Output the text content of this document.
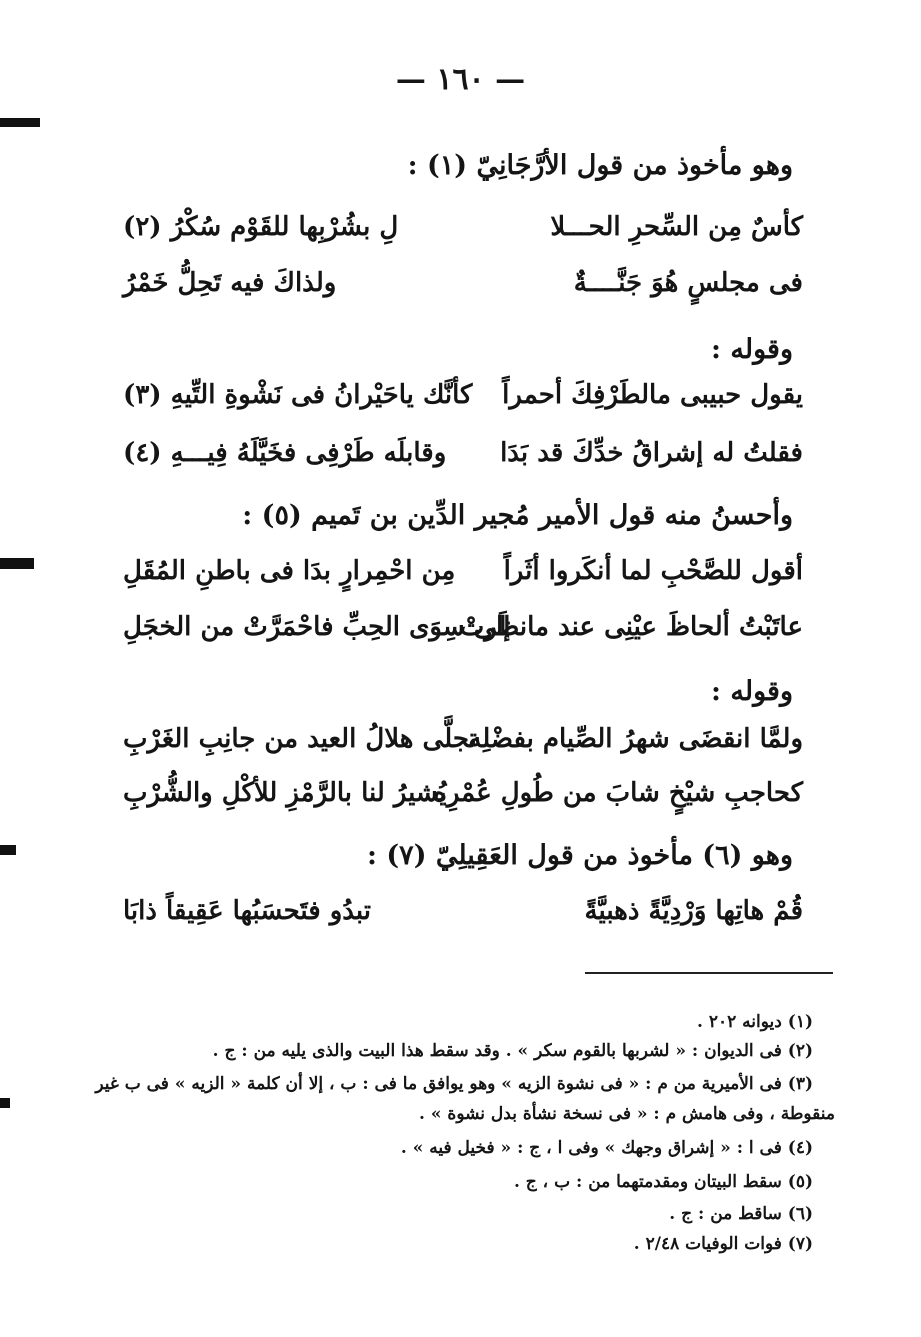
— ١٦٠ —
وهو مأخوذ من قول الأرَّجَانِيّ (١) :
كأسٌ مِن السِّحرِ الحـــلا
لِ بشُرْبِها للقَوْم سُكْرُ (٢)
فى مجلسٍ هُوَ جَنَّــــةٌ
ولذاكَ فيه تَحِلُّ خَمْرُ
وقوله :
يقول حبيبى مالطَرْفِكَ أحمراً
كأنَّك ياحَيْرانُ فى نَشْوةِ التِّيهِ (٣)
فقلتُ له إشراقُ خدِّكَ قد بَدَا
وقابلَه طَرْفِى فخَيَّلَهُ فِيـــهِ (٤)
وأحسنُ منه قول الأمير مُجير الدِّين بن تَميم (٥) :
أقول للصَّحْبِ لما أنكَروا أثَراً
مِن احْمِرارٍ بدَا فى باطنِ المُقَلِ
عاتَبْتُ ألحاظَ عيْنِى عند مانظَرتْ
إلى سِوَى الحِبِّ فاحْمَرَّتْ من الخجَلِ
وقوله :
ولمَّا انقضَى شهرُ الصِّيام بفضْلِه
تجلَّى هلالُ العيد من جانِبِ الغَرْبِ
كحاجبِ شيْخٍ شابَ من طُولِ عُمْرِه
يُشيرُ لنا بالرَّمْزِ للأكْلِ والشُّرْبِ
وهو (٦) مأخوذ من قول العَقِيلِيّ (٧) :
قُمْ هاتِها وَرْدِيَّةً ذهبيَّةً
تبدُو فتَحسَبُها عَقِيقاً ذابَا
(١) ديوانه ٢٠٢ .
(٢) فى الديوان : « لشربها بالقوم سكر » . وقد سقط هذا البيت والذى يليه من : ج .
(٣) فى الأميرية من م : « فى نشوة الزيه » وهو يوافق ما فى : ب ، إلا أن كلمة « الزيه » فى ب غير
منقوطة ، وفى هامش م : « فى نسخة نشأة بدل نشوة » .
(٤) فى ا : « إشراق وجهك » وفى ا ، ج : « فخيل فيه » .
(٥) سقط البيتان ومقدمتهما من : ب ، ج .
(٦) ساقط من : ج .
(٧) فوات الوفيات ٢/٤٨ .
